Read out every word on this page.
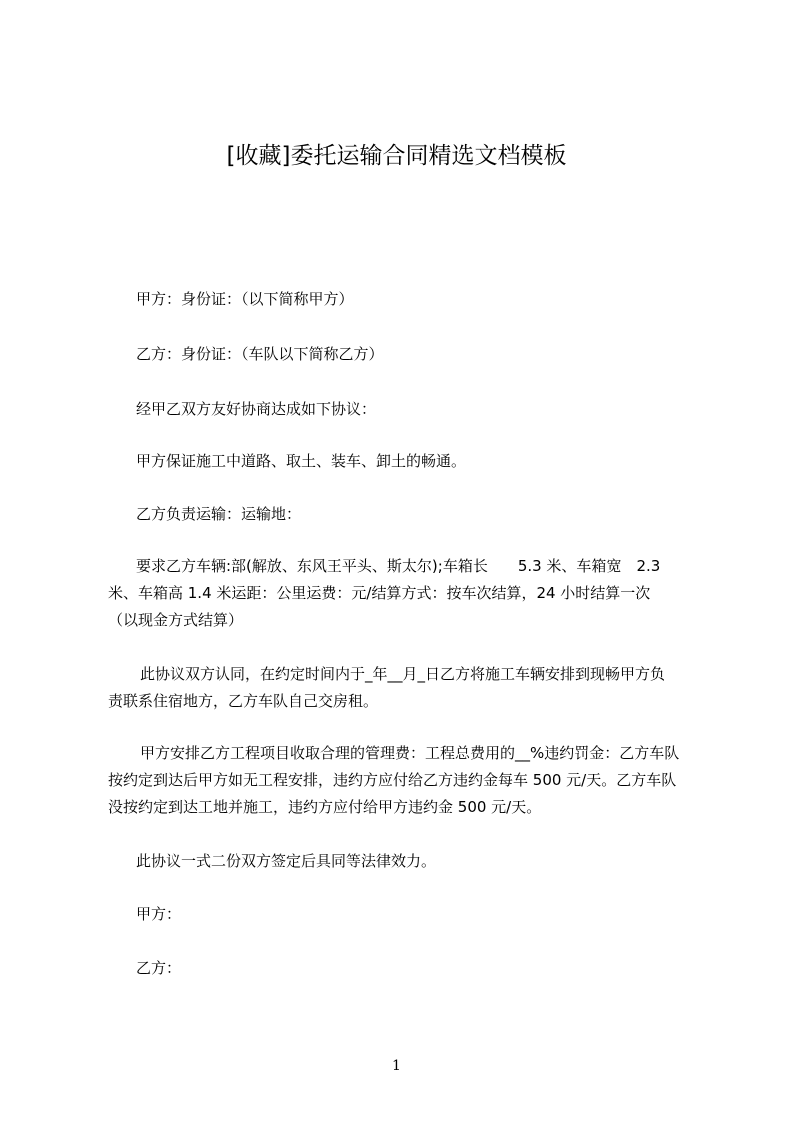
[收藏]委托运输合同精选文档模板
甲方：身份证：（以下简称甲方）
乙方：身份证：（车队以下简称乙方）
经甲乙双方友好协商达成如下协议：
甲方保证施工中道路、取土、装车、卸土的畅通。
乙方负责运输：运输地：
要求乙方车辆:部(解放、东风王平头、斯太尔);车箱长　　5.3 米、车箱宽　2.3
米、车箱高 1.4 米运距：公里运费：元/结算方式：按车次结算，24 小时结算一次
（以现金方式结算）
此协议双方认同，在约定时间内于_年__月_日乙方将施工车辆安排到现畅甲方负
责联系住宿地方，乙方车队自己交房租。
甲方安排乙方工程项目收取合理的管理费：工程总费用的__%违约罚金：乙方车队
按约定到达后甲方如无工程安排，违约方应付给乙方违约金每车 500 元/天。乙方车队
没按约定到达工地并施工，违约方应付给甲方违约金 500 元/天。
此协议一式二份双方签定后具同等法律效力。
甲方：
乙方：
1
